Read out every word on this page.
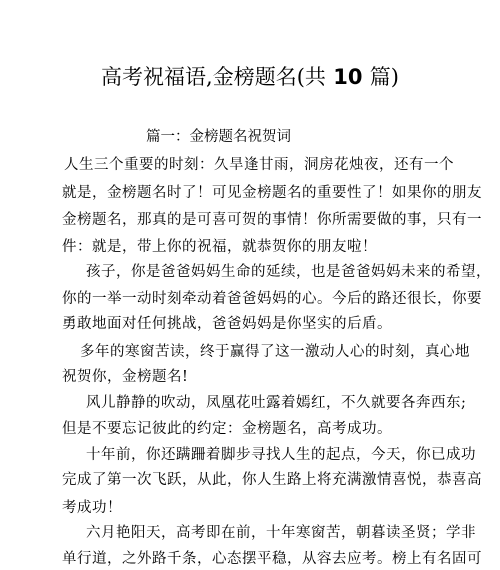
高考祝福语,金榜题名(共 10 篇)
篇一：金榜题名祝贺词
人生三个重要的时刻：久旱逢甘雨，洞房花烛夜，还有一个
就是，金榜题名时了！可见金榜题名的重要性了！如果你的朋友
金榜题名，那真的是可喜可贺的事情！你所需要做的事，只有一
件：就是，带上你的祝福，就恭贺你的朋友啦！
孩子，你是爸爸妈妈生命的延续，也是爸爸妈妈未来的希望，
你的一举一动时刻牵动着爸爸妈妈的心。今后的路还很长，你要
勇敢地面对任何挑战，爸爸妈妈是你坚实的后盾。
多年的寒窗苦读，终于赢得了这一激动人心的时刻，真心地
祝贺你，金榜题名!
风儿静静的吹动，凤凰花吐露着嫣红，不久就要各奔西东;
但是不要忘记彼此的约定：金榜题名，高考成功。
十年前，你还蹒跚着脚步寻找人生的起点，今天，你已成功
完成了第一次飞跃，从此，你人生路上将充满激情喜悦，恭喜高
考成功！
六月艳阳天，高考即在前，十年寒窗苦，朝暮读圣贤；学非
单行道，之外路千条，心态摆平稳，从容去应考。榜上有名固可
